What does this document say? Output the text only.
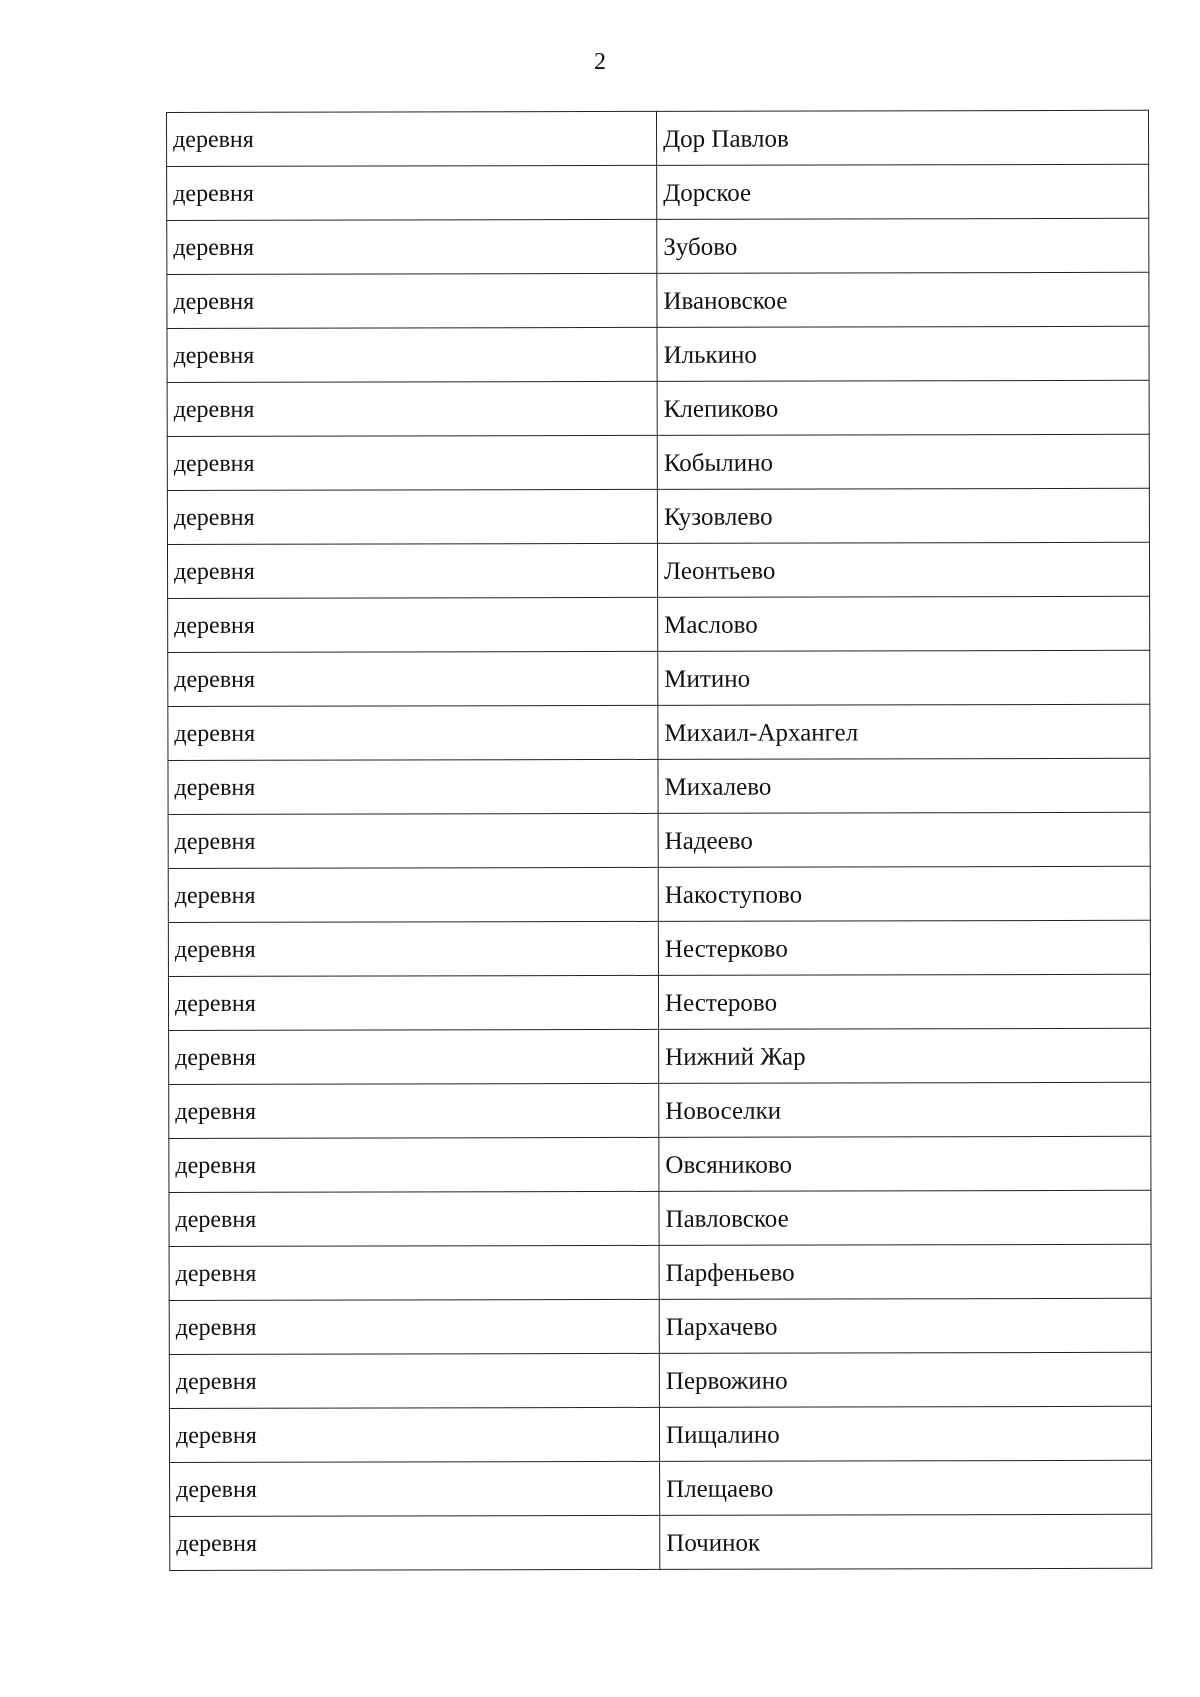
2
деревня	Дор Павлов
деревня	Дорское
деревня	Зубово
деревня	Ивановское
деревня	Илькино
деревня	Клепиково
деревня	Кобылино
деревня	Кузовлево
деревня	Леонтьево
деревня	Маслово
деревня	Митино
деревня	Михаил-Архангел
деревня	Михалево
деревня	Надеево
деревня	Накоступово
деревня	Нестерково
деревня	Нестерово
деревня	Нижний Жар
деревня	Новоселки
деревня	Овсяниково
деревня	Павловское
деревня	Парфеньево
деревня	Пархачево
деревня	Первожино
деревня	Пищалино
деревня	Плещаево
деревня	Починок
